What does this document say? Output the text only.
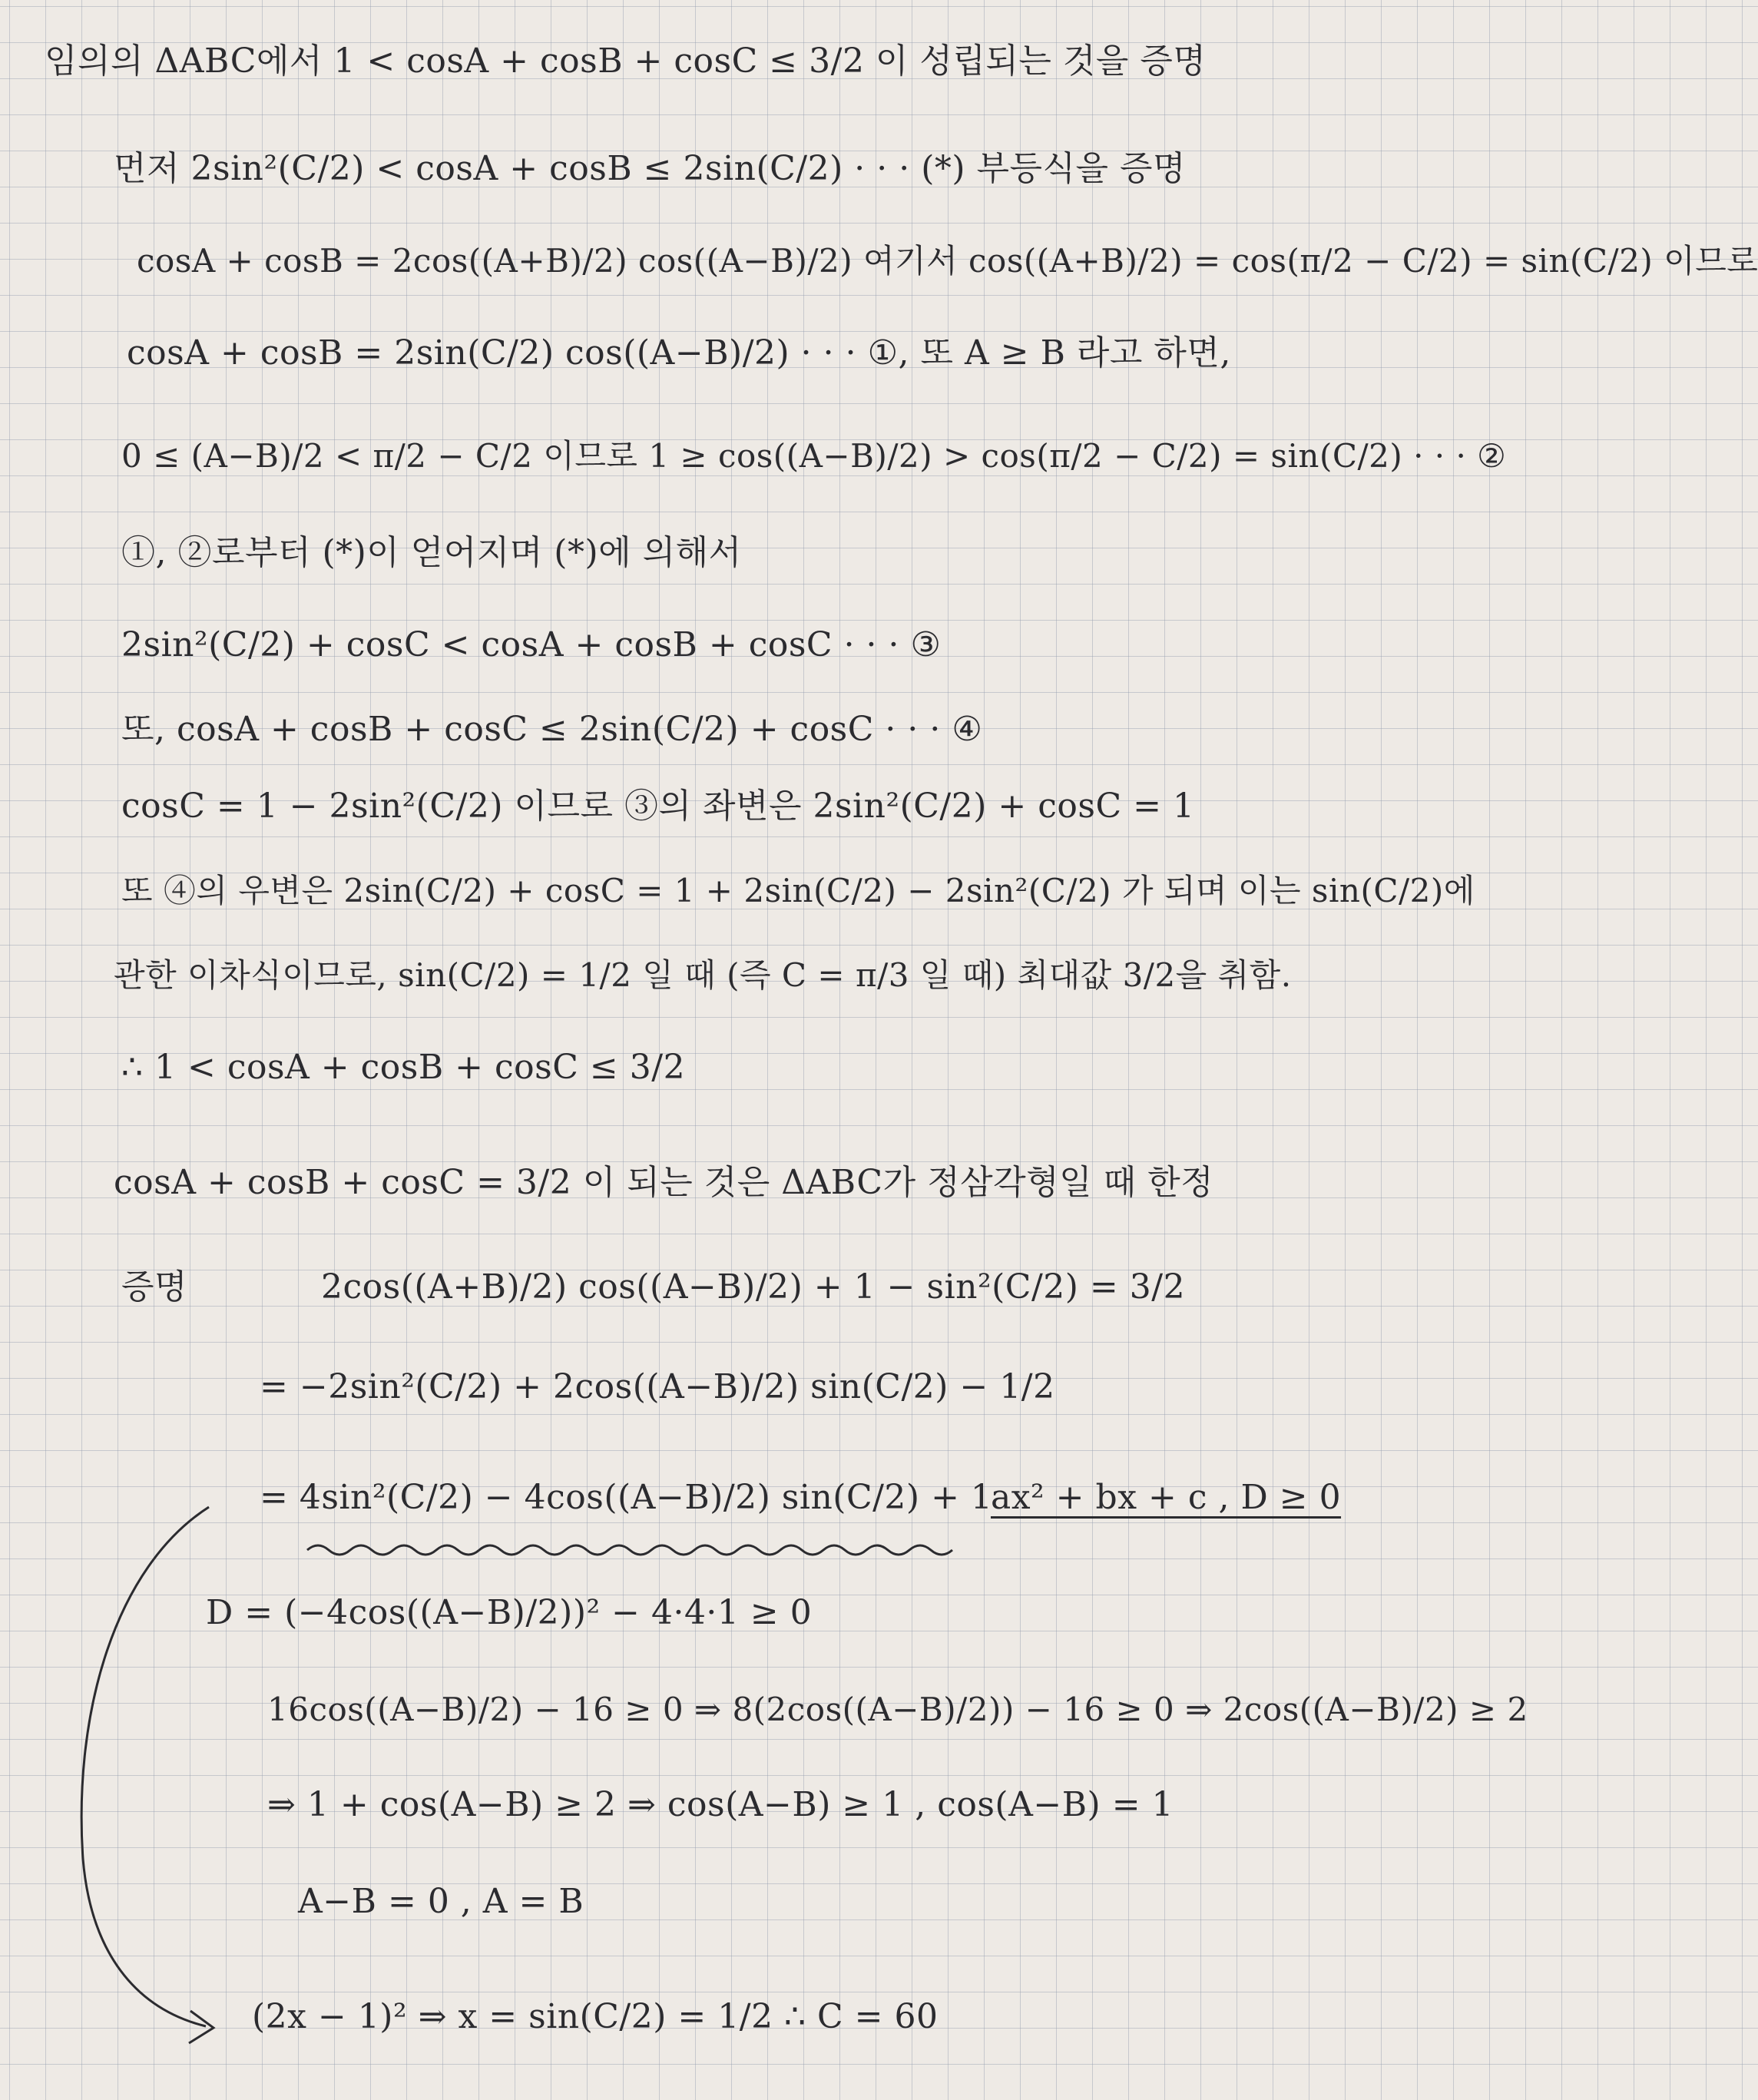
임의의 ΔABC에서 1 < cosA + cosB + cosC ≤ 3/2 이 성립되는 것을 증명
먼저 2sin²(C/2) < cosA + cosB ≤ 2sin(C/2) · · · (*) 부등식을 증명
cosA + cosB = 2cos((A+B)/2) cos((A−B)/2) 여기서 cos((A+B)/2) = cos(π/2 − C/2) = sin(C/2) 이므로
cosA + cosB = 2sin(C/2) cos((A−B)/2) · · · ①, 또 A ≥ B 라고 하면,
0 ≤ (A−B)/2 < π/2 − C/2 이므로 1 ≥ cos((A−B)/2) > cos(π/2 − C/2) = sin(C/2) · · · ②
①, ②로부터 (*)이 얻어지며 (*)에 의해서
2sin²(C/2) + cosC < cosA + cosB + cosC · · · ③
또, cosA + cosB + cosC ≤ 2sin(C/2) + cosC · · · ④
cosC = 1 − 2sin²(C/2) 이므로 ③의 좌변은 2sin²(C/2) + cosC = 1
또 ④의 우변은 2sin(C/2) + cosC = 1 + 2sin(C/2) − 2sin²(C/2) 가 되며 이는 sin(C/2)에
관한 이차식이므로, sin(C/2) = 1/2 일 때 (즉 C = π/3 일 때) 최대값 3/2을 취함.
∴ 1 < cosA + cosB + cosC ≤ 3/2
cosA + cosB + cosC = 3/2 이 되는 것은 ΔABC가 정삼각형일 때 한정
증명	2cos((A+B)/2) cos((A−B)/2) + 1 − sin²(C/2) = 3/2
= −2sin²(C/2) + 2cos((A−B)/2) sin(C/2) − 1/2
= 4sin²(C/2) − 4cos((A−B)/2) sin(C/2) + 1
ax² + bx + c , D ≥ 0
D = (−4cos((A−B)/2))² − 4·4·1 ≥ 0
16cos((A−B)/2) − 16 ≥ 0 ⇒ 8(2cos((A−B)/2)) − 16 ≥ 0 ⇒ 2cos((A−B)/2) ≥ 2
⇒ 1 + cos(A−B) ≥ 2 ⇒ cos(A−B) ≥ 1 , cos(A−B) = 1
A−B = 0 , A = B
(2x − 1)² ⇒ x = sin(C/2) = 1/2 ∴ C = 60
